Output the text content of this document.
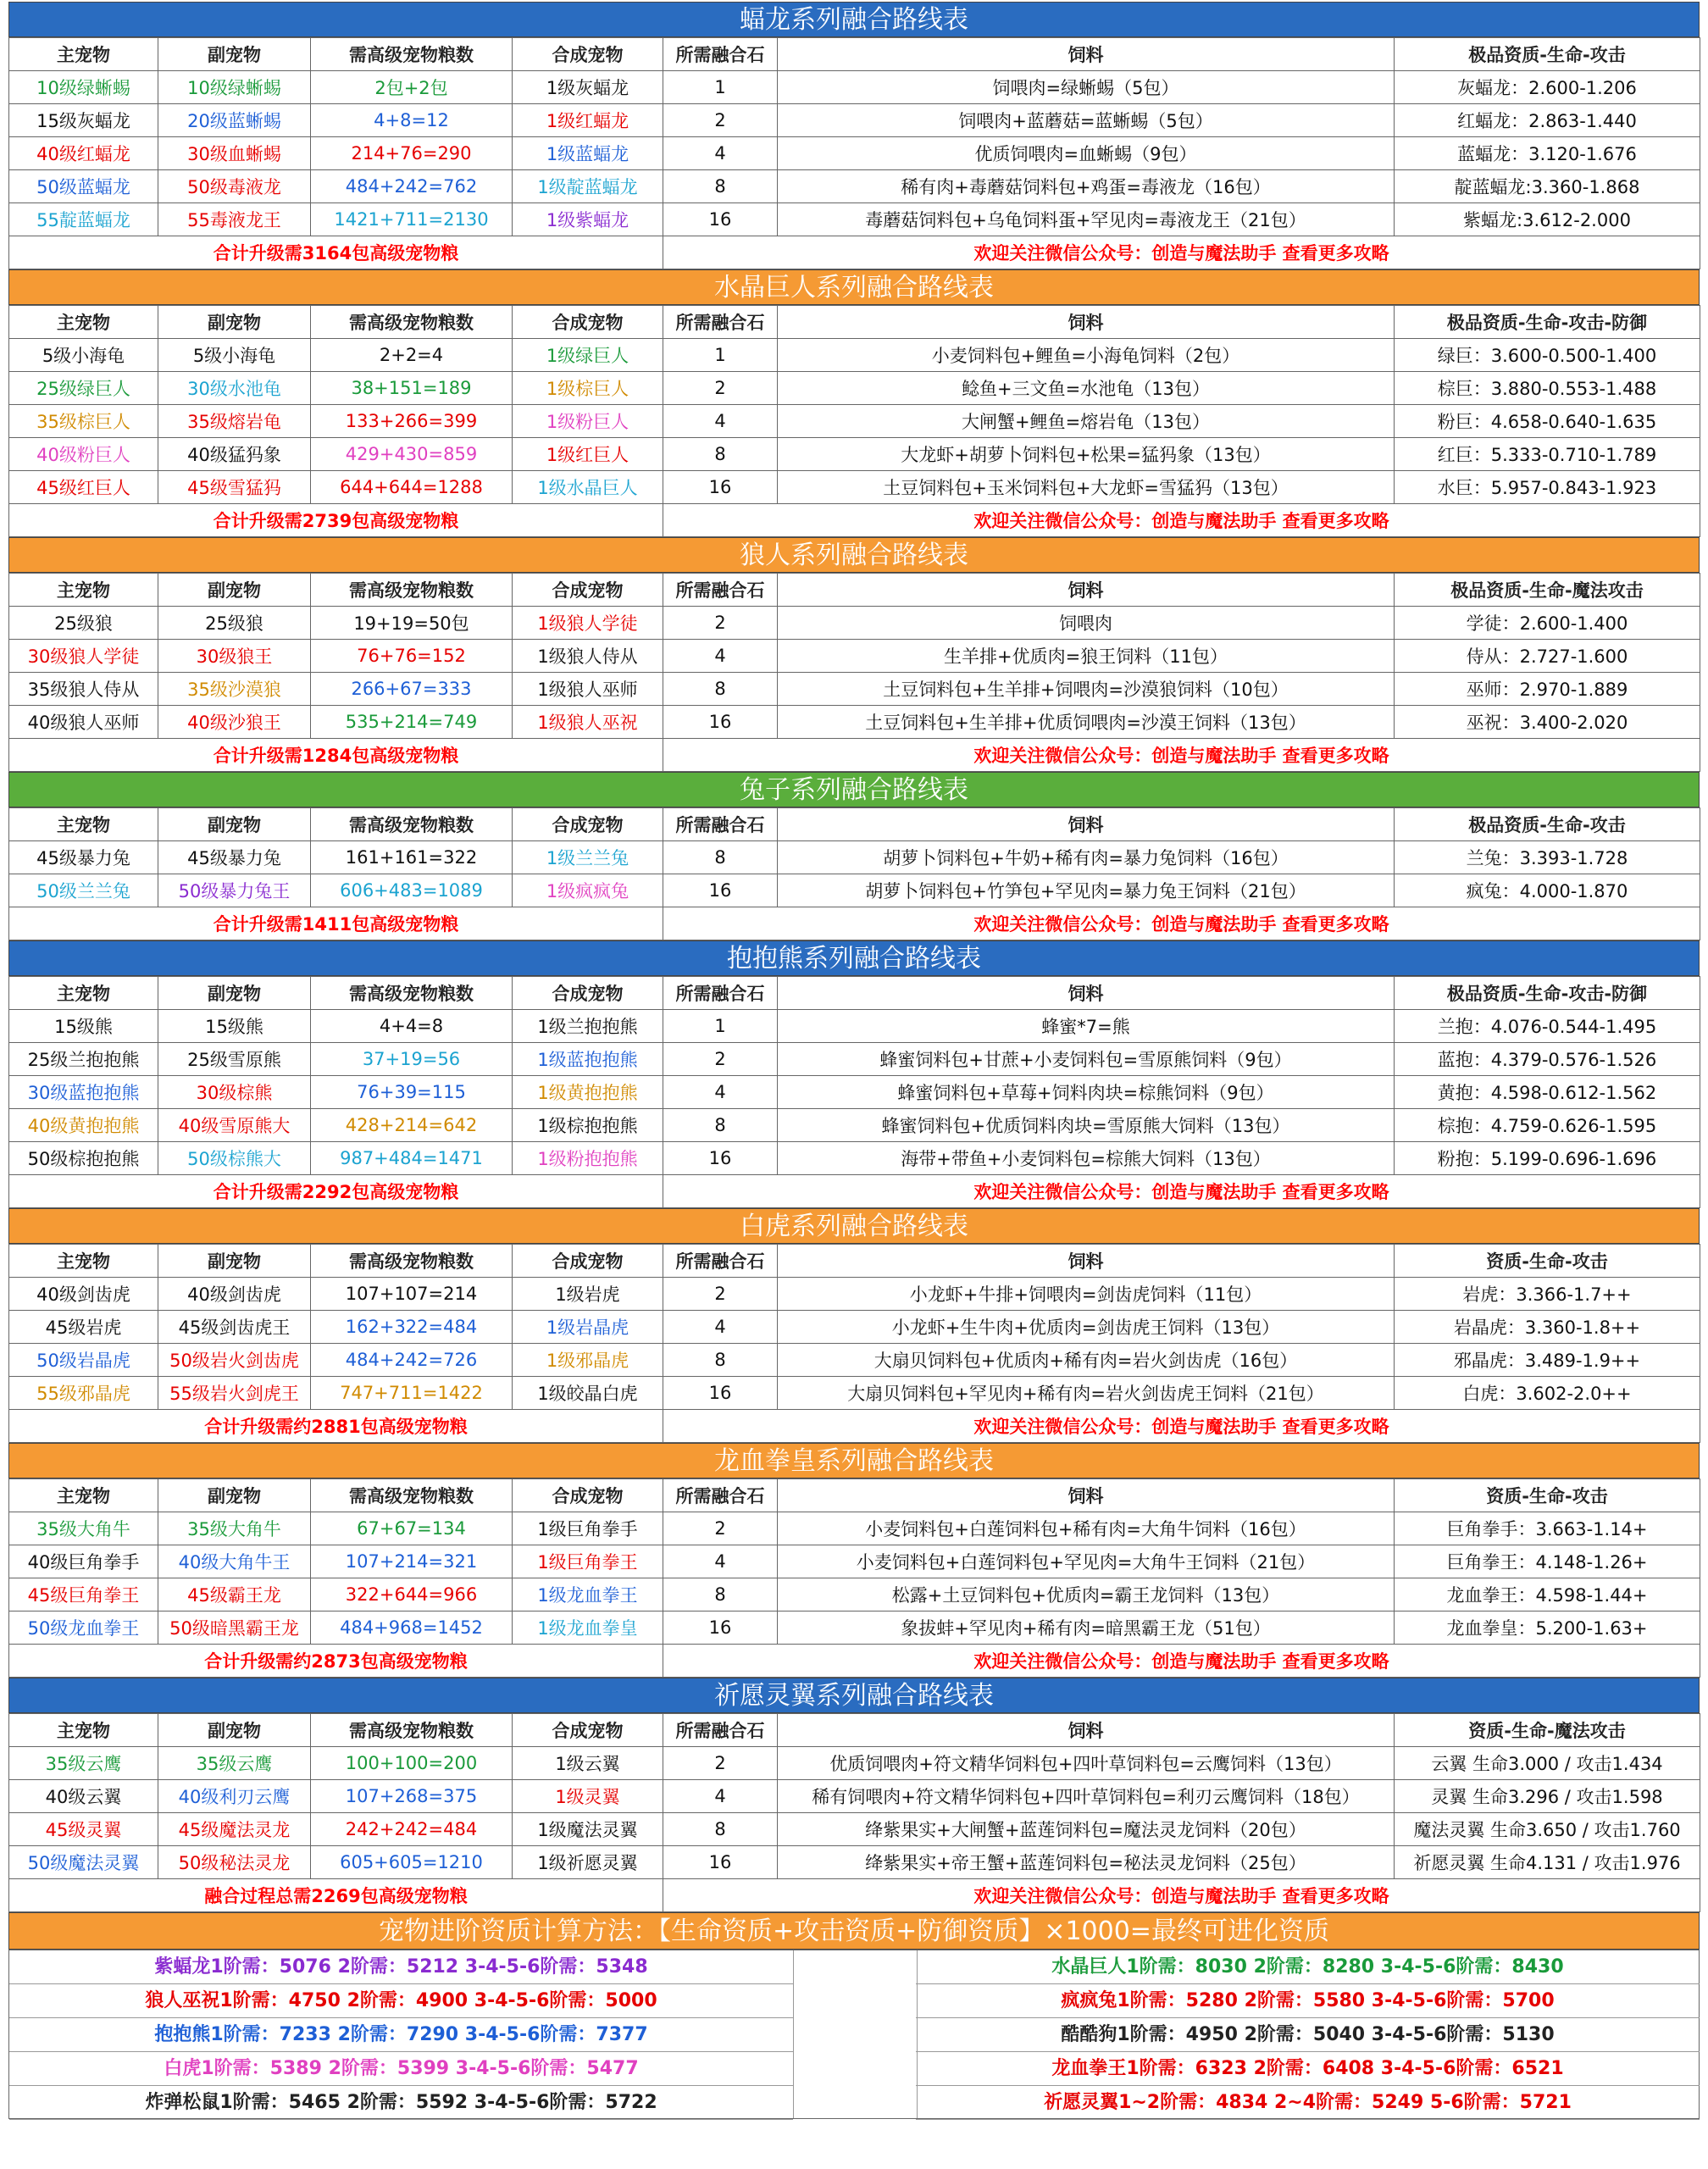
蝠龙系列融合路线表
主宠物	副宠物	需高级宠物粮数	合成宠物	所需融合石	饲料	极品资质-生命-攻击
10级绿蜥蜴	10级绿蜥蜴	2包+2包	1级灰蝠龙	1	饲喂肉=绿蜥蜴（5包）	灰蝠龙：2.600-1.206
15级灰蝠龙	20级蓝蜥蜴	4+8=12	1级红蝠龙	2	饲喂肉+蓝蘑菇=蓝蜥蜴（5包）	红蝠龙：2.863-1.440
40级红蝠龙	30级血蜥蜴	214+76=290	1级蓝蝠龙	4	优质饲喂肉=血蜥蜴（9包）	蓝蝠龙：3.120-1.676
50级蓝蝠龙	50级毒液龙	484+242=762	1级靛蓝蝠龙	8	稀有肉+毒蘑菇饲料包+鸡蛋=毒液龙（16包）	靛蓝蝠龙:3.360-1.868
55靛蓝蝠龙	55毒液龙王	1421+711=2130	1级紫蝠龙	16	毒蘑菇饲料包+乌龟饲料蛋+罕见肉=毒液龙王（21包）	紫蝠龙:3.612-2.000
合计升级需3164包高级宠物粮				欢迎关注微信公众号：创造与魔法助手 查看更多攻略		
水晶巨人系列融合路线表
主宠物	副宠物	需高级宠物粮数	合成宠物	所需融合石	饲料	极品资质-生命-攻击-防御
5级小海龟	5级小海龟	2+2=4	1级绿巨人	1	小麦饲料包+鲤鱼=小海龟饲料（2包）	绿巨：3.600-0.500-1.400
25级绿巨人	30级水池龟	38+151=189	1级棕巨人	2	鲶鱼+三文鱼=水池龟（13包）	棕巨：3.880-0.553-1.488
35级棕巨人	35级熔岩龟	133+266=399	1级粉巨人	4	大闸蟹+鲤鱼=熔岩龟（13包）	粉巨：4.658-0.640-1.635
40级粉巨人	40级猛犸象	429+430=859	1级红巨人	8	大龙虾+胡萝卜饲料包+松果=猛犸象（13包）	红巨：5.333-0.710-1.789
45级红巨人	45级雪猛犸	644+644=1288	1级水晶巨人	16	土豆饲料包+玉米饲料包+大龙虾=雪猛犸（13包）	水巨：5.957-0.843-1.923
合计升级需2739包高级宠物粮				欢迎关注微信公众号：创造与魔法助手 查看更多攻略		
狼人系列融合路线表
主宠物	副宠物	需高级宠物粮数	合成宠物	所需融合石	饲料	极品资质-生命-魔法攻击
25级狼	25级狼	19+19=50包	1级狼人学徒	2	饲喂肉	学徒：2.600-1.400
30级狼人学徒	30级狼王	76+76=152	1级狼人侍从	4	生羊排+优质肉=狼王饲料（11包）	侍从：2.727-1.600
35级狼人侍从	35级沙漠狼	266+67=333	1级狼人巫师	8	土豆饲料包+生羊排+饲喂肉=沙漠狼饲料（10包）	巫师：2.970-1.889
40级狼人巫师	40级沙狼王	535+214=749	1级狼人巫祝	16	土豆饲料包+生羊排+优质饲喂肉=沙漠王饲料（13包）	巫祝：3.400-2.020
合计升级需1284包高级宠物粮				欢迎关注微信公众号：创造与魔法助手 查看更多攻略		
兔子系列融合路线表
主宠物	副宠物	需高级宠物粮数	合成宠物	所需融合石	饲料	极品资质-生命-攻击
45级暴力兔	45级暴力兔	161+161=322	1级兰兰兔	8	胡萝卜饲料包+牛奶+稀有肉=暴力兔饲料（16包）	兰兔：3.393-1.728
50级兰兰兔	50级暴力兔王	606+483=1089	1级疯疯兔	16	胡萝卜饲料包+竹笋包+罕见肉=暴力兔王饲料（21包）	疯兔：4.000-1.870
合计升级需1411包高级宠物粮				欢迎关注微信公众号：创造与魔法助手 查看更多攻略		
抱抱熊系列融合路线表
主宠物	副宠物	需高级宠物粮数	合成宠物	所需融合石	饲料	极品资质-生命-攻击-防御
15级熊	15级熊	4+4=8	1级兰抱抱熊	1	蜂蜜*7=熊	兰抱：4.076-0.544-1.495
25级兰抱抱熊	25级雪原熊	37+19=56	1级蓝抱抱熊	2	蜂蜜饲料包+甘蔗+小麦饲料包=雪原熊饲料（9包）	蓝抱：4.379-0.576-1.526
30级蓝抱抱熊	30级棕熊	76+39=115	1级黄抱抱熊	4	蜂蜜饲料包+草莓+饲料肉块=棕熊饲料（9包）	黄抱：4.598-0.612-1.562
40级黄抱抱熊	40级雪原熊大	428+214=642	1级棕抱抱熊	8	蜂蜜饲料包+优质饲料肉块=雪原熊大饲料（13包）	棕抱：4.759-0.626-1.595
50级棕抱抱熊	50级棕熊大	987+484=1471	1级粉抱抱熊	16	海带+带鱼+小麦饲料包=棕熊大饲料（13包）	粉抱：5.199-0.696-1.696
合计升级需2292包高级宠物粮				欢迎关注微信公众号：创造与魔法助手 查看更多攻略		
白虎系列融合路线表
主宠物	副宠物	需高级宠物粮数	合成宠物	所需融合石	饲料	资质-生命-攻击
40级剑齿虎	40级剑齿虎	107+107=214	1级岩虎	2	小龙虾+牛排+饲喂肉=剑齿虎饲料（11包）	岩虎：3.366-1.7++
45级岩虎	45级剑齿虎王	162+322=484	1级岩晶虎	4	小龙虾+生牛肉+优质肉=剑齿虎王饲料（13包）	岩晶虎：3.360-1.8++
50级岩晶虎	50级岩火剑齿虎	484+242=726	1级邪晶虎	8	大扇贝饲料包+优质肉+稀有肉=岩火剑齿虎（16包）	邪晶虎：3.489-1.9++
55级邪晶虎	55级岩火剑虎王	747+711=1422	1级皎晶白虎	16	大扇贝饲料包+罕见肉+稀有肉=岩火剑齿虎王饲料（21包）	白虎：3.602-2.0++
合计升级需约2881包高级宠物粮				欢迎关注微信公众号：创造与魔法助手 查看更多攻略		
龙血拳皇系列融合路线表
主宠物	副宠物	需高级宠物粮数	合成宠物	所需融合石	饲料	资质-生命-攻击
35级大角牛	35级大角牛	67+67=134	1级巨角拳手	2	小麦饲料包+白莲饲料包+稀有肉=大角牛饲料（16包）	巨角拳手：3.663-1.14+
40级巨角拳手	40级大角牛王	107+214=321	1级巨角拳王	4	小麦饲料包+白莲饲料包+罕见肉=大角牛王饲料（21包）	巨角拳王：4.148-1.26+
45级巨角拳王	45级霸王龙	322+644=966	1级龙血拳王	8	松露+土豆饲料包+优质肉=霸王龙饲料（13包）	龙血拳王：4.598-1.44+
50级龙血拳王	50级暗黑霸王龙	484+968=1452	1级龙血拳皇	16	象拔蚌+罕见肉+稀有肉=暗黑霸王龙（51包）	龙血拳皇：5.200-1.63+
合计升级需约2873包高级宠物粮				欢迎关注微信公众号：创造与魔法助手 查看更多攻略		
祈愿灵翼系列融合路线表
主宠物	副宠物	需高级宠物粮数	合成宠物	所需融合石	饲料	资质-生命-魔法攻击
35级云鹰	35级云鹰	100+100=200	1级云翼	2	优质饲喂肉+符文精华饲料包+四叶草饲料包=云鹰饲料（13包）	云翼 生命3.000 / 攻击1.434
40级云翼	40级利刃云鹰	107+268=375	1级灵翼	4	稀有饲喂肉+符文精华饲料包+四叶草饲料包=利刃云鹰饲料（18包）	灵翼 生命3.296 / 攻击1.598
45级灵翼	45级魔法灵龙	242+242=484	1级魔法灵翼	8	绛紫果实+大闸蟹+蓝莲饲料包=魔法灵龙饲料（20包）	魔法灵翼 生命3.650 / 攻击1.760
50级魔法灵翼	50级秘法灵龙	605+605=1210	1级祈愿灵翼	16	绛紫果实+帝王蟹+蓝莲饲料包=秘法灵龙饲料（25包）	祈愿灵翼 生命4.131 / 攻击1.976
融合过程总需2269包高级宠物粮				欢迎关注微信公众号：创造与魔法助手 查看更多攻略		
宠物进阶资质计算方法：【生命资质+攻击资质+防御资质】×1000=最终可进化资质
紫蝠龙1阶需：5076 2阶需：5212 3-4-5-6阶需：5348
狼人巫祝1阶需：4750 2阶需：4900 3-4-5-6阶需：5000
抱抱熊1阶需：7233 2阶需：7290 3-4-5-6阶需：7377
白虎1阶需：5389 2阶需：5399 3-4-5-6阶需：5477
炸弹松鼠1阶需：5465 2阶需：5592 3-4-5-6阶需：5722
水晶巨人1阶需：8030 2阶需：8280 3-4-5-6阶需：8430
疯疯兔1阶需：5280 2阶需：5580 3-4-5-6阶需：5700
酷酷狗1阶需：4950 2阶需：5040 3-4-5-6阶需：5130
龙血拳王1阶需：6323 2阶需：6408 3-4-5-6阶需：6521
祈愿灵翼1~2阶需：4834 2~4阶需：5249 5-6阶需：5721
